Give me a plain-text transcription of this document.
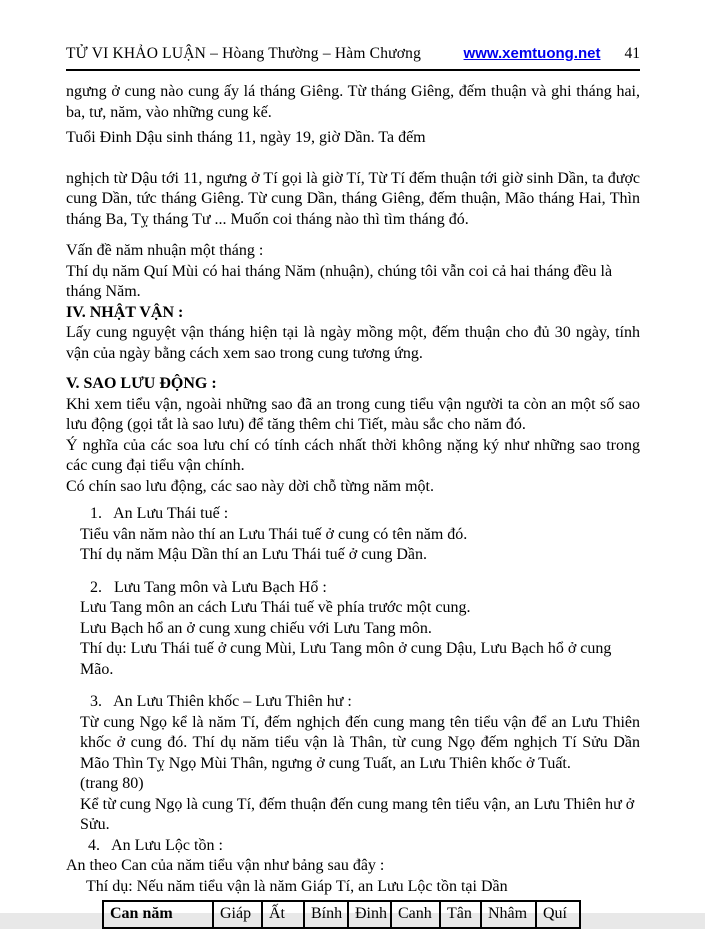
TỬ VI KHẢO LUẬN – Hòang Thường – Hàm Chương	www.xemtuong.net 41
ngưng ở cung nào cung ấy lá tháng Giêng. Từ tháng Giêng, đếm thuận và ghi tháng hai, ba, tư, năm, vào những cung kế.
Tuổi Đinh Dậu sinh tháng 11, ngày 19, giờ Dần. Ta đếm
nghịch từ Dậu tới 11, ngưng ở Tí gọi là giờ Tí, Từ Tí đếm thuận tới giờ sinh Dần, ta được cung Dần, tức tháng Giêng. Từ cung Dần, tháng Giêng, đếm thuận, Mão tháng Hai, Thìn tháng Ba, Tỵ tháng Tư ... Muốn coi tháng nào thì tìm tháng đó.
Vấn đề năm nhuận một tháng :
Thí dụ năm Quí Mùi có hai tháng Năm (nhuận), chúng tôi vẫn coi cả hai tháng đều là tháng Năm.
IV. NHẬT VẬN :
Lấy cung nguyệt vận tháng hiện tại là ngày mồng một, đếm thuận cho đủ 30 ngày, tính vận của ngày bằng cách xem sao trong cung tương ứng.
V. SAO LƯU ĐỘNG :
Khi xem tiểu vận, ngoài những sao đã an trong cung tiểu vận người ta còn an một số sao lưu động (gọi tắt là sao lưu) để tăng thêm chi Tiết, màu sắc cho năm đó.
Ý nghĩa của các soa lưu chí có tính cách nhất thời không nặng ký như những sao trong các cung đại tiểu vận chính.
Có chín sao lưu động, các sao này dời chỗ từng năm một.
1.   An Lưu Thái tuế :
Tiểu vân năm nào thí an Lưu Thái tuế ở cung có tên năm đó.
Thí dụ năm Mậu Dần thí an Lưu Thái tuế ở cung Dần.
2.   Lưu Tang môn và Lưu Bạch Hổ :
Lưu Tang môn an cách Lưu Thái tuế về phía trước một cung.
Lưu Bạch hổ an ở cung xung chiếu với Lưu Tang môn.
Thí dụ: Lưu Thái tuế ở cung Mùi, Lưu Tang môn ở cung Dậu, Lưu Bạch hổ ở cung Mão.
3.   An Lưu Thiên khốc – Lưu Thiên hư :
Từ cung Ngọ kể là năm Tí, đếm nghịch đến cung mang tên tiểu vận để an Lưu Thiên khốc ở cung đó. Thí dụ năm tiểu vận là Thân, từ cung Ngọ đếm nghịch Tí Sửu Dần Mão Thìn Tỵ Ngọ Mùi Thân, ngưng ở cung Tuất, an Lưu Thiên khốc ở Tuất.
(trang 80)
Kể từ cung Ngọ là cung Tí, đếm thuận đến cung mang tên tiểu vận, an Lưu Thiên hư ở Sửu.
4.   An Lưu Lộc tồn :
An theo Can của năm tiểu vận như bảng sau đây :
Thí dụ: Nếu năm tiểu vận là năm Giáp Tí, an Lưu Lộc tồn tại Dần
Can năm	Giáp	Ất	Bính	Đinh	Canh	Tân	Nhâm	Quí
